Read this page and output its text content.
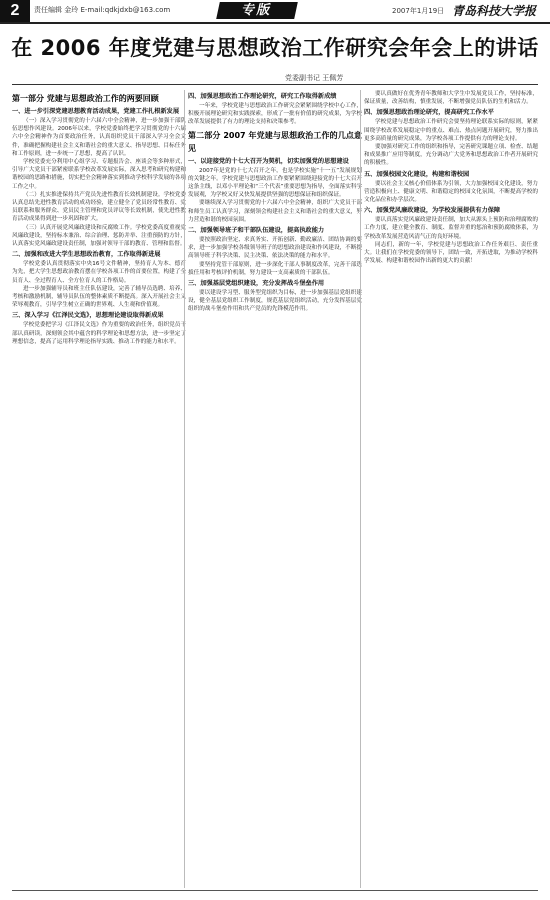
2	责任编辑 金玲 E-mail:qdkjdxb@163.com	专版	2007年1月19日 青岛科技大学报
在 2006 年度党建与思想政治工作研究会年会上的讲话
党委副书记 王佩芳
第一部分 党建与思想政治工作的两要回顾
一、进一步引深党建思想教育活动成果，党建工作扎根新发展

（一）深入学习贯彻党的十六届六中全会精神，进一步加强干部队伍思想作风建设。2006年以来，学校党委始终把学习贯彻党的十六届六中全会精神作为首要政治任务，认真组织党员干部深入学习全会文件，准确把握构建社会主义和谐社会的重大意义、指导思想、目标任务和工作原则，进一步统一了思想，提高了认识。

学校党委充分利用中心组学习、专题报告会、座谈会等多种形式，引导广大党员干部紧密联系学校改革发展实际，深入思考和研究构建和谐校园的思路和措施，切实把全会精神落实到推动学校科学发展的各项工作之中。

（二）扎实推进保持共产党员先进性教育长效机制建设。学校党委认真总结先进性教育活动的成功经验，建立健全了党员经常性教育、党员联系和服务群众、党员民主管理和党员评议等长效机制，使先进性教育活动成果得到进一步巩固和扩大。

（三）认真开展党风廉政建设和反腐败工作。学校党委高度重视党风廉政建设，坚持标本兼治、综合治理、惩防并举、注重预防的方针，认真落实党风廉政建设责任制，加强对领导干部的教育、管理和监督。

二、加强和改进大学生思想政治教育，工作取得新进展

学校党委认真贯彻落实中央16号文件精神，坚持育人为本、德育为先，把大学生思想政治教育摆在学校各项工作的首要位置，构建了全员育人、全过程育人、全方位育人的工作格局。

进一步加强辅导员和班主任队伍建设，完善了辅导员选聘、培养、考核和激励机制，辅导员队伍的整体素质不断提高。深入开展社会主义荣辱观教育，引导学生树立正确的世界观、人生观和价值观。

三、深入学习《江泽民文选》，思想理论建设取得新成果

学校党委把学习《江泽民文选》作为重要的政治任务，组织党员干部认真研读，深刻领会其中蕴含的科学理论和思想方法，进一步坚定了理想信念，提高了运用科学理论指导实践、推动工作的能力和水平。

四、加强思想政治工作理论研究，研究工作取得新成绩

一年来，学校党建与思想政治工作研究会紧紧围绕学校中心工作，积极开展理论研究和实践探索，形成了一批有价值的研究成果，为学校改革发展提供了有力的理论支持和决策参考。

第二部分 2007 年党建与思想政治工作的几点意见
一、以迎接党的十七大召开为契机，切实加强党的思想建设

2007年是党的十七大召开之年，也是学校实施“十一五”发展规划的关键之年。学校党建与思想政治工作要紧紧围绕迎接党的十七大召开这条主线，以邓小平理论和“三个代表”重要思想为指导，全面落实科学发展观，为学校又好又快发展提供坚强的思想保证和组织保证。

要继续深入学习贯彻党的十六届六中全会精神，组织广大党员干部和师生员工认真学习，深刻领会构建社会主义和谐社会的重大意义，努力营造和谐的校园氛围。

二、加强领导班子和干部队伍建设，提高执政能力

要按照政治坚定、求真务实、开拓创新、勤政廉洁、团结协调的要求，进一步加强学校各级领导班子的思想政治建设和作风建设，不断提高领导班子科学决策、民主决策、依法决策的能力和水平。

要坚持党管干部原则，进一步深化干部人事制度改革，完善干部选拔任用和考核评价机制，努力建设一支高素质的干部队伍。

三、加强基层党组织建设，充分发挥战斗堡垒作用

要以建设学习型、服务型党组织为目标，进一步加强基层党组织建设，健全基层党组织工作制度，规范基层党组织活动，充分发挥基层党组织的战斗堡垒作用和共产党员的先锋模范作用。

要认真做好在优秀青年教师和大学生中发展党员工作，坚持标准，保证质量，改善结构，慎重发展，不断增强党员队伍的生机和活力。

四、加强思想政治理论研究，提高研究工作水平

学校党建与思想政治工作研究会要坚持理论联系实际的原则，紧紧围绕学校改革发展稳定中的重点、难点、热点问题开展研究，努力推出更多高质量的研究成果，为学校各项工作提供有力的理论支持。

要加强对研究工作的组织和指导，完善研究课题立项、检查、结题和成果推广应用等制度，充分调动广大党务和思想政治工作者开展研究的积极性。

五、加强校园文化建设，构建和谐校园

要以社会主义核心价值体系为引领，大力加强校园文化建设，努力营造积极向上、健康文明、和谐稳定的校园文化氛围，不断提高学校的文化品位和办学层次。

六、加强党风廉政建设，为学校发展提供有力保障

要认真落实党风廉政建设责任制，加大从源头上预防和治理腐败的工作力度，建立健全教育、制度、监督并重的惩治和预防腐败体系，为学校改革发展营造风清气正的良好环境。

同志们，新的一年，学校党建与思想政治工作任务艰巨、责任重大。让我们在学校党委的领导下，团结一致，开拓进取，为推动学校科学发展、构建和谐校园作出新的更大的贡献！
